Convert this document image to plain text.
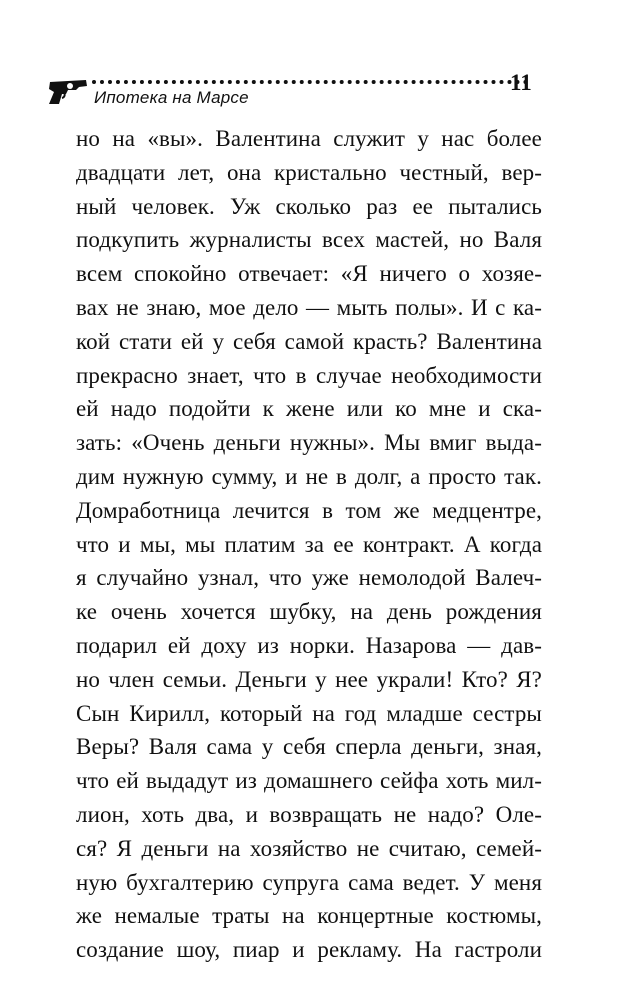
Ипотека на Марсе
11
но на «вы». Валентина служит у нас более
двадцати лет, она кристально честный, вер-
ный человек. Уж сколько раз ее пытались
подкупить журналисты всех мастей, но Валя
всем спокойно отвечает: «Я ничего о хозяе-
вах не знаю, мое дело — мыть полы». И с ка-
кой стати ей у себя самой красть? Валентина
прекрасно знает, что в случае необходимости
ей надо подойти к жене или ко мне и ска-
зать: «Очень деньги нужны». Мы вмиг выда-
дим нужную сумму, и не в долг, а просто так.
Домработница лечится в том же медцентре,
что и мы, мы платим за ее контракт. А когда
я случайно узнал, что уже немолодой Валеч-
ке очень хочется шубку, на день рождения
подарил ей доху из норки. Назарова — дав-
но член семьи. Деньги у нее украли! Кто? Я?
Сын Кирилл, который на год младше сестры
Веры? Валя сама у себя сперла деньги, зная,
что ей выдадут из домашнего сейфа хоть мил-
лион, хоть два, и возвращать не надо? Оле-
ся? Я деньги на хозяйство не считаю, семей-
ную бухгалтерию супруга сама ведет. У меня
же немалые траты на концертные костюмы,
создание шоу, пиар и рекламу. На гастроли
